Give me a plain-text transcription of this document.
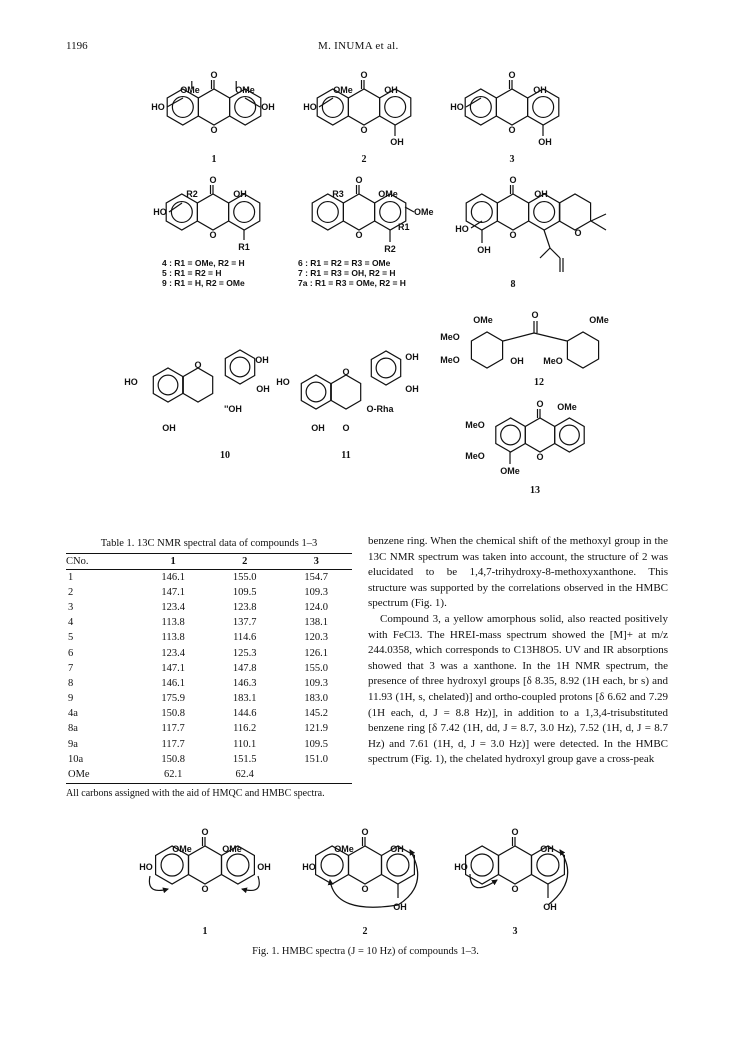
1196	M. INUMA et al.
O
O
OMe	OMe
HO	OH
1
O
O
OMe	OH
HO
OH
2
O
O
OH
HO
OH
3
O
O
R2	OH
HO
R1
4 : R1 = OMe, R2 = H
5 : R1 = R2 = H
9 : R1 = H, R2 = OMe
O
O
R3	OMe
OMe
R1
R2
6 : R1 = R2 = R3 = OMe
7 : R1 = R3 = OH, R2 = H
7a : R1 = R3 = OMe, R2 = H
O
O
OH
HO
OH
O
8
O
OMe	OMe
MeO
MeO	OH MeO
12
O	OH
OH
HO
''OH
OH
10
O
OH
OH
HO
O-Rha
OH O
11
O
O
OMe
MeO
MeO
OMe
13
Table 1. 13C NMR spectral data of compounds 1–3
CNo.	1	2	3
1	146.1	155.0	154.7
2	147.1	109.5	109.3
3	123.4	123.8	124.0
4	113.8	137.7	138.1
5	113.8	114.6	120.3
6	123.4	125.3	126.1
7	147.1	147.8	155.0
8	146.1	146.3	109.3
9	175.9	183.1	183.0
4a	150.8	144.6	145.2
8a	117.7	116.2	121.9
9a	117.7	110.1	109.5
10a	150.8	151.5	151.0
OMe	62.1	62.4	
All carbons assigned with the aid of HMQC and HMBC spectra.

benzene ring. When the chemical shift of the methoxyl group in the 13C NMR spectrum was taken into account, the structure of 2 was elucidated to be 1,4,7-trihydroxy-8-methoxyxanthone. This structure was supported by the correlations observed in the HMBC spectrum (Fig. 1).

Compound 3, a yellow amorphous solid, also reacted positively with FeCl3. The HREI-mass spectrum showed the [M]+ at m/z 244.0358, which corresponds to C13H8O5. UV and IR absorptions showed that 3 was a xanthone. In the 1H NMR spectrum, the presence of three hydroxyl groups [δ 8.35, 8.92 (1H each, br s) and 11.93 (1H, s, chelated)] and ortho-coupled protons [δ 6.62 and 7.29 (1H each, d, J = 8.8 Hz)], in addition to a 1,3,4-trisubstituted benzene ring [δ 7.42 (1H, dd, J = 8.7, 3.0 Hz), 7.52 (1H, d, J = 8.7 Hz) and 7.61 (1H, d, J = 3.0 Hz)] were detected. In the HMBC spectrum (Fig. 1), the chelated hydroxyl group gave a cross-peak

O
O
OMe	OMe
HO	OH
1
O
O
OMe	OH
HO
OH
2
O
O
OH
HO
OH
3
Fig. 1. HMBC spectra (J = 10 Hz) of compounds 1–3.
